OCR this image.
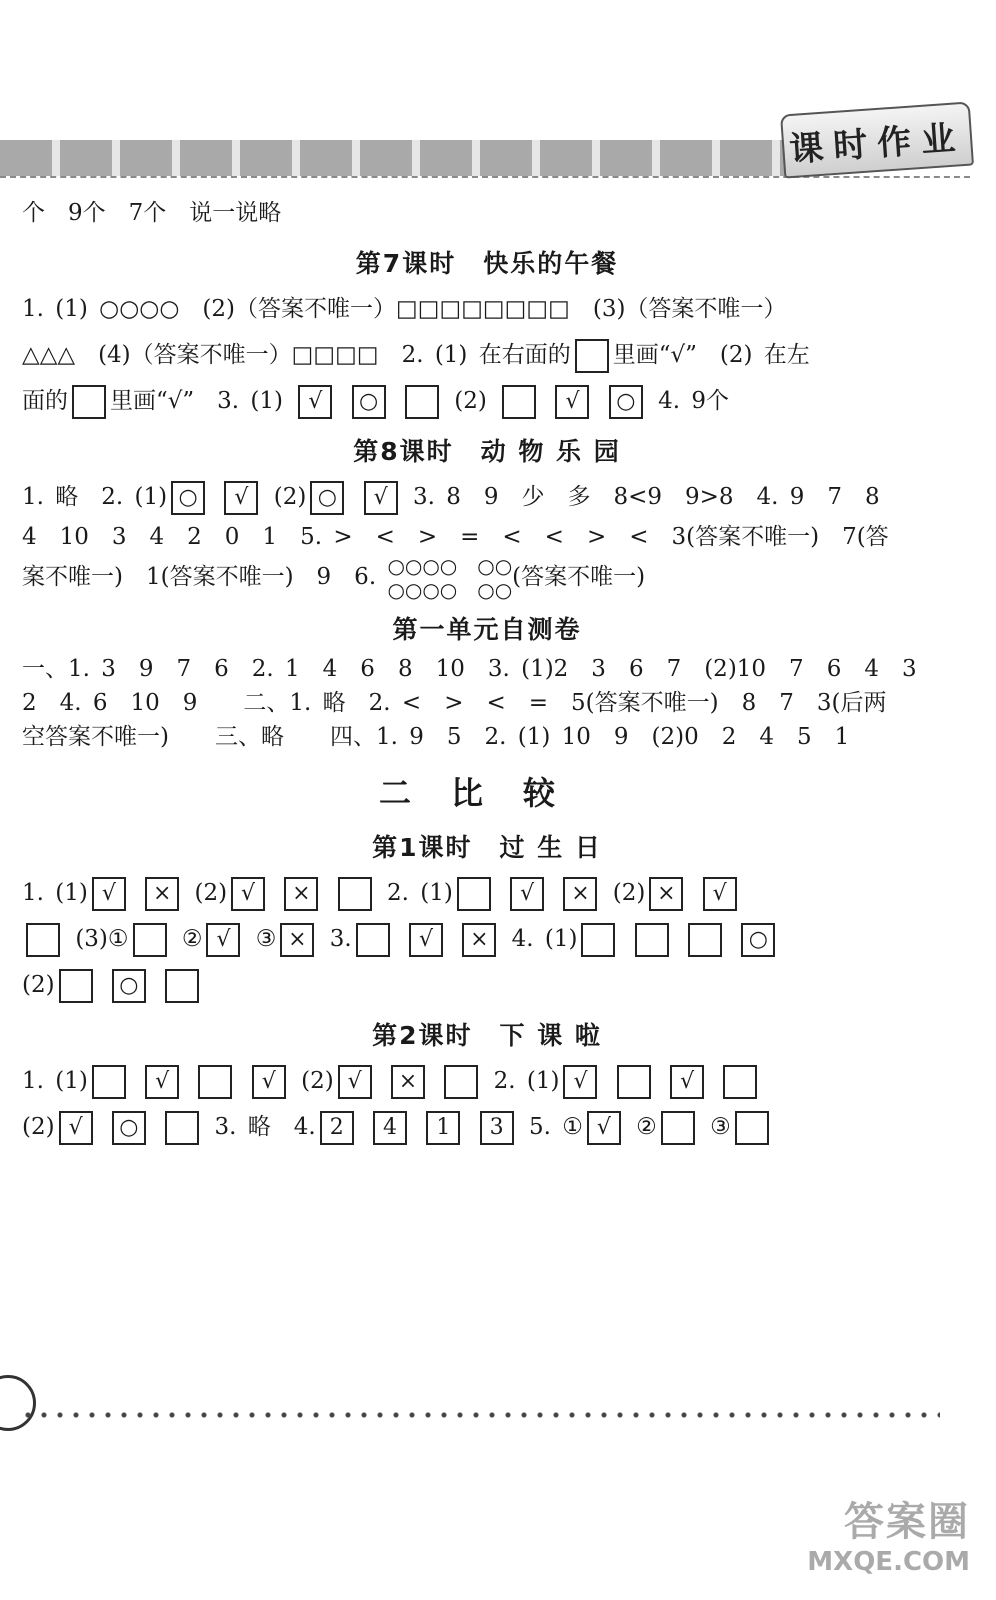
课时作业
个　9个　7个　说一说略
第7课时　快乐的午餐
1. (1) ○○○○　(2)（答案不唯一）□□□□□□□□　(3)（答案不唯一）
△△△　(4)（答案不唯一）□□□□　2. (1) 在右面的 里画“√”　(2) 在左
面的 里画“√”　3. (1) √ ○	(2)	√ ○ 4. 9个
第8课时　动 物 乐 园
1. 略　2. (1) ○ √ (2) ○ √ 3. 8　9　少　多　8<9　9>8　4. 9　7　8
4　10　3　4　2　0　1　5. >　<　>　=　<　<　>　<　3(答案不唯一)　7(答
案不唯一)　1(答案不唯一)　9　6. ○○○○　○○
○○○○　○○(答案不唯一)
第一单元自测卷
一、1. 3　9　7　6　2. 1　4　6　8　10　3. (1)2　3　6　7　(2)10　7　6　4　3
2　4. 6　10　9　　二、1. 略　2. <　>　<　=　5(答案不唯一)　8　7　3(后两
空答案不唯一)　　三、略　　四、1. 9　5　2. (1) 10　9　(2)0　2　4　5　1
二比较
第1课时　过 生 日
1. (1) √ × (2) √ ×	2. (1)	√ × (2) × √
(3)① ② √ ③ × 3.	√ × 4. (1)	○
(2)	○
第2课时　下 课 啦
1. (1)	√	√ (2) √ ×	2. (1) √	√
(2) √ ○	3. 略　4. 2 4 1 3 5. ① √ ② ③
答案圈
MXQE.COM
